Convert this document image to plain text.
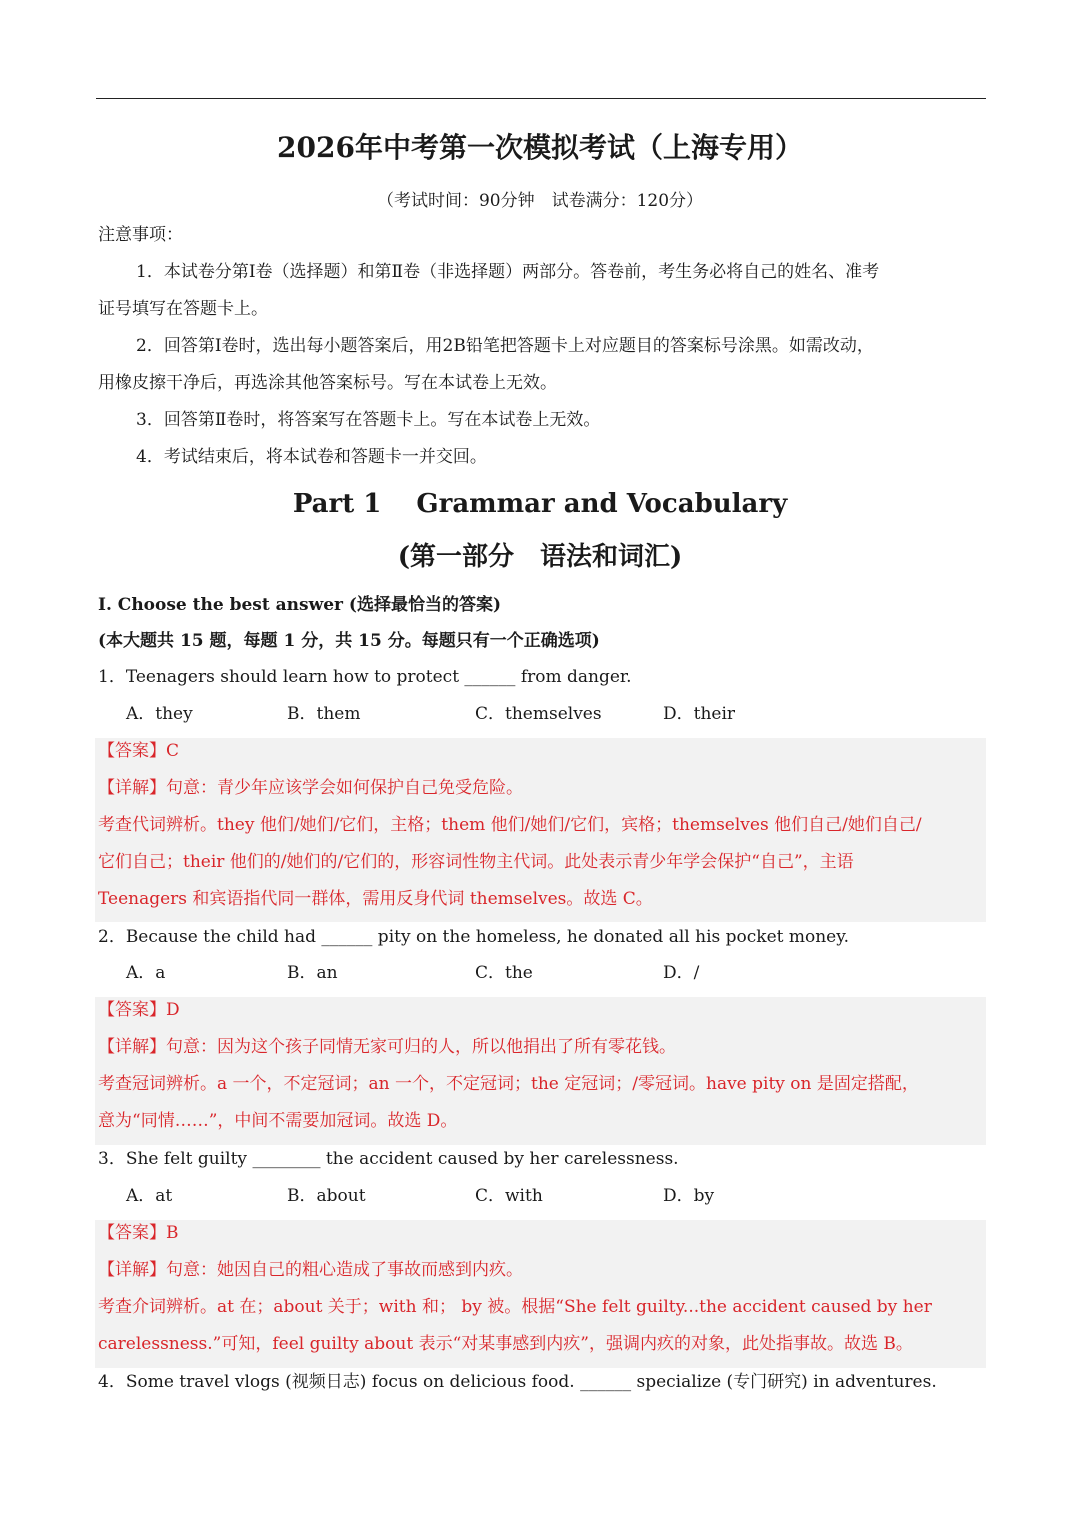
2026年中考第一次模拟考试（上海专用）
（考试时间：90分钟　试卷满分：120分）
注意事项：
1．本试卷分第Ⅰ卷（选择题）和第Ⅱ卷（非选择题）两部分。答卷前，考生务必将自己的姓名、准考
证号填写在答题卡上。
2．回答第Ⅰ卷时，选出每小题答案后，用2B铅笔把答题卡上对应题目的答案标号涂黑。如需改动，
用橡皮擦干净后，再选涂其他答案标号。写在本试卷上无效。
3．回答第Ⅱ卷时，将答案写在答题卡上。写在本试卷上无效。
4．考试结束后，将本试卷和答题卡一并交回。
Part 1　 Grammar and Vocabulary
(第一部分　语法和词汇)
I. Choose the best answer (选择最恰当的答案)
(本大题共 15 题，每题 1 分，共 15 分。每题只有一个正确选项)
1．Teenagers should learn how to protect ______ from danger.
A．they	B．them	C．themselves	D．their
【答案】C
【详解】句意：青少年应该学会如何保护自己免受危险。
考查代词辨析。they 他们/她们/它们，主格；them 他们/她们/它们，宾格；themselves 他们自己/她们自己/
它们自己；their 他们的/她们的/它们的，形容词性物主代词。此处表示青少年学会保护“自己”，主语
Teenagers 和宾语指代同一群体，需用反身代词 themselves。故选 C。
2．Because the child had ______ pity on the homeless, he donated all his pocket money.
A．a	B．an	C．the	D．/
【答案】D
【详解】句意：因为这个孩子同情无家可归的人，所以他捐出了所有零花钱。
考查冠词辨析。a 一个，不定冠词；an 一个，不定冠词；the 定冠词；/零冠词。have pity on 是固定搭配，
意为“同情……”，中间不需要加冠词。故选 D。
3．She felt guilty ________ the accident caused by her carelessness.
A．at	B．about	C．with	D．by
【答案】B
【详解】句意：她因自己的粗心造成了事故而感到内疚。
考查介词辨析。at 在；about 关于；with 和； by 被。根据“She felt guilty...the accident caused by her
carelessness.”可知，feel guilty about 表示“对某事感到内疚”，强调内疚的对象，此处指事故。故选 B。
4．Some travel vlogs (视频日志) focus on delicious food. ______ specialize (专门研究) in adventures.
